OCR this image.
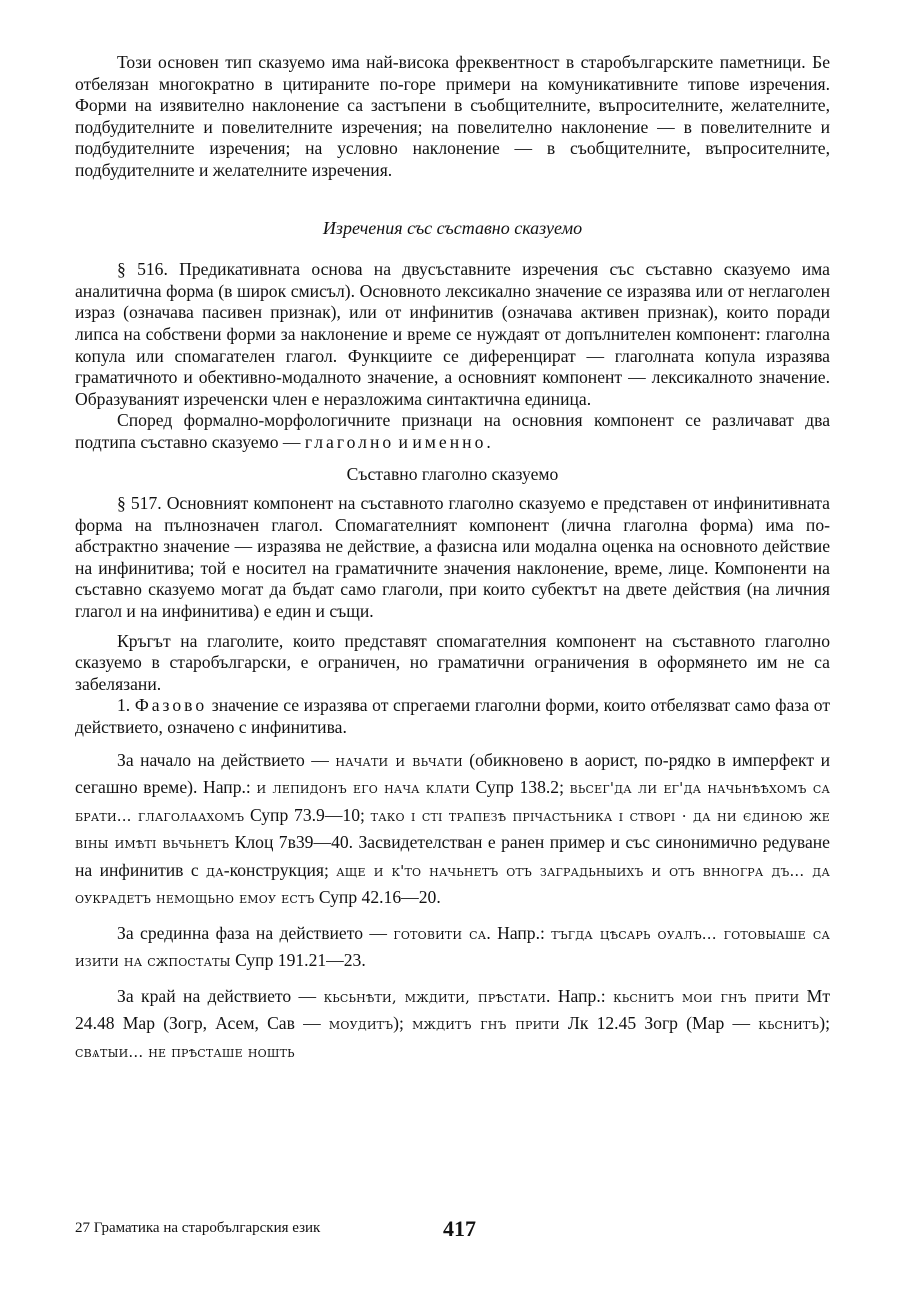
Този основен тип сказуемо има най-висока фреквентност в старобългарските паметници. Бе отбелязан многократно в цитираните по-горе примери на комуникативните типове изречения. Форми на изявително наклонение са застъпени в съобщителните, въпросителните, желателните, подбудителните и повелителните изречения; на повелително наклонение — в повелителните и подбудителните изречения; на условно наклонение — в съобщителните, въпросителните, подбудителните и желателните изречения.

Изречения със съставно сказуемо

§ 516. Предикативната основа на двусъставните изречения със съставно сказуемо има аналитична форма (в широк смисъл). Основното лексикално значение се изразява или от неглаголен израз (означава пасивен признак), или от инфинитив (означава активен признак), които поради липса на собствени форми за наклонение и време се нуждаят от допълнителен компонент: глаголна копула или спомагателен глагол. Функциите се диференцират — глаголната копула изразява граматичното и обективно-модалното значение, а основният компонент — лексикалното значение. Образуваният изреченски член е неразложима синтактична единица.

Според формално-морфологичните признаци на основния компонент се различават два подтипа съставно сказуемо — глаголно и именно.

Съставно глаголно сказуемо

§ 517. Основният компонент на съставното глаголно сказуемо е представен от инфинитивната форма на пълнозначен глагол. Спомагателният компонент (лична глаголна форма) има по-абстрактно значение — изразява не действие, а фазисна или модална оценка на основното действие на инфинитива; той е носител на граматичните значения наклонение, време, лице. Компоненти на съставно сказуемо могат да бъдат само глаголи, при които субектът на двете действия (на личния глагол и на инфинитива) е един и същи.

Кръгът на глаголите, които представят спомагателния компонент на съставното глаголно сказуемо в старобългарски, е ограничен, но граматични ограничения в оформянето им не са забелязани.

1. Фазово значение се изразява от спрегаеми глаголни форми, които отбелязват само фаза от действието, означено с инфинитива.

За начало на действието — начати и вьчати (обикновено в аорист, по-рядко в имперфект и сегашно време). Напр.: и лепидонъ его нача клати Супр 138.2; вьсег'да ли ег'да начьнѣѣхомъ са брати... глаголаахомъ Супр 73.9—10; тако і сті трапезѣ прічастьника і створі · да ни єдиною же віны имѣті вьчьнетъ Клоц 7в39—40. Засвидетелстван е ранен пример и със синонимично редуване на инфинитив с да-конструкция; аще и к'то начьнетъ отъ заградьныихъ и отъ внногра дъ... да оукрадетъ немощьно емоу естъ Супр 42.16—20.

За срединна фаза на действието — готовити са. Напр.: тъгда цѣсарь оуалъ... готовыаше са изити на сжпостаты Супр 191.21—23.

За край на действието — кьсьнѣти, мждити, прѣстати. Напр.: кьснитъ мои гнъ прити Мт 24.48 Мар (Зогр, Асем, Сав — моудитъ); мждитъ гнъ прити Лк 12.45 Зогр (Мар — кьснитъ); свѧтыи... не прѣсташе ношть

27 Граматика на старобългарския език	417
